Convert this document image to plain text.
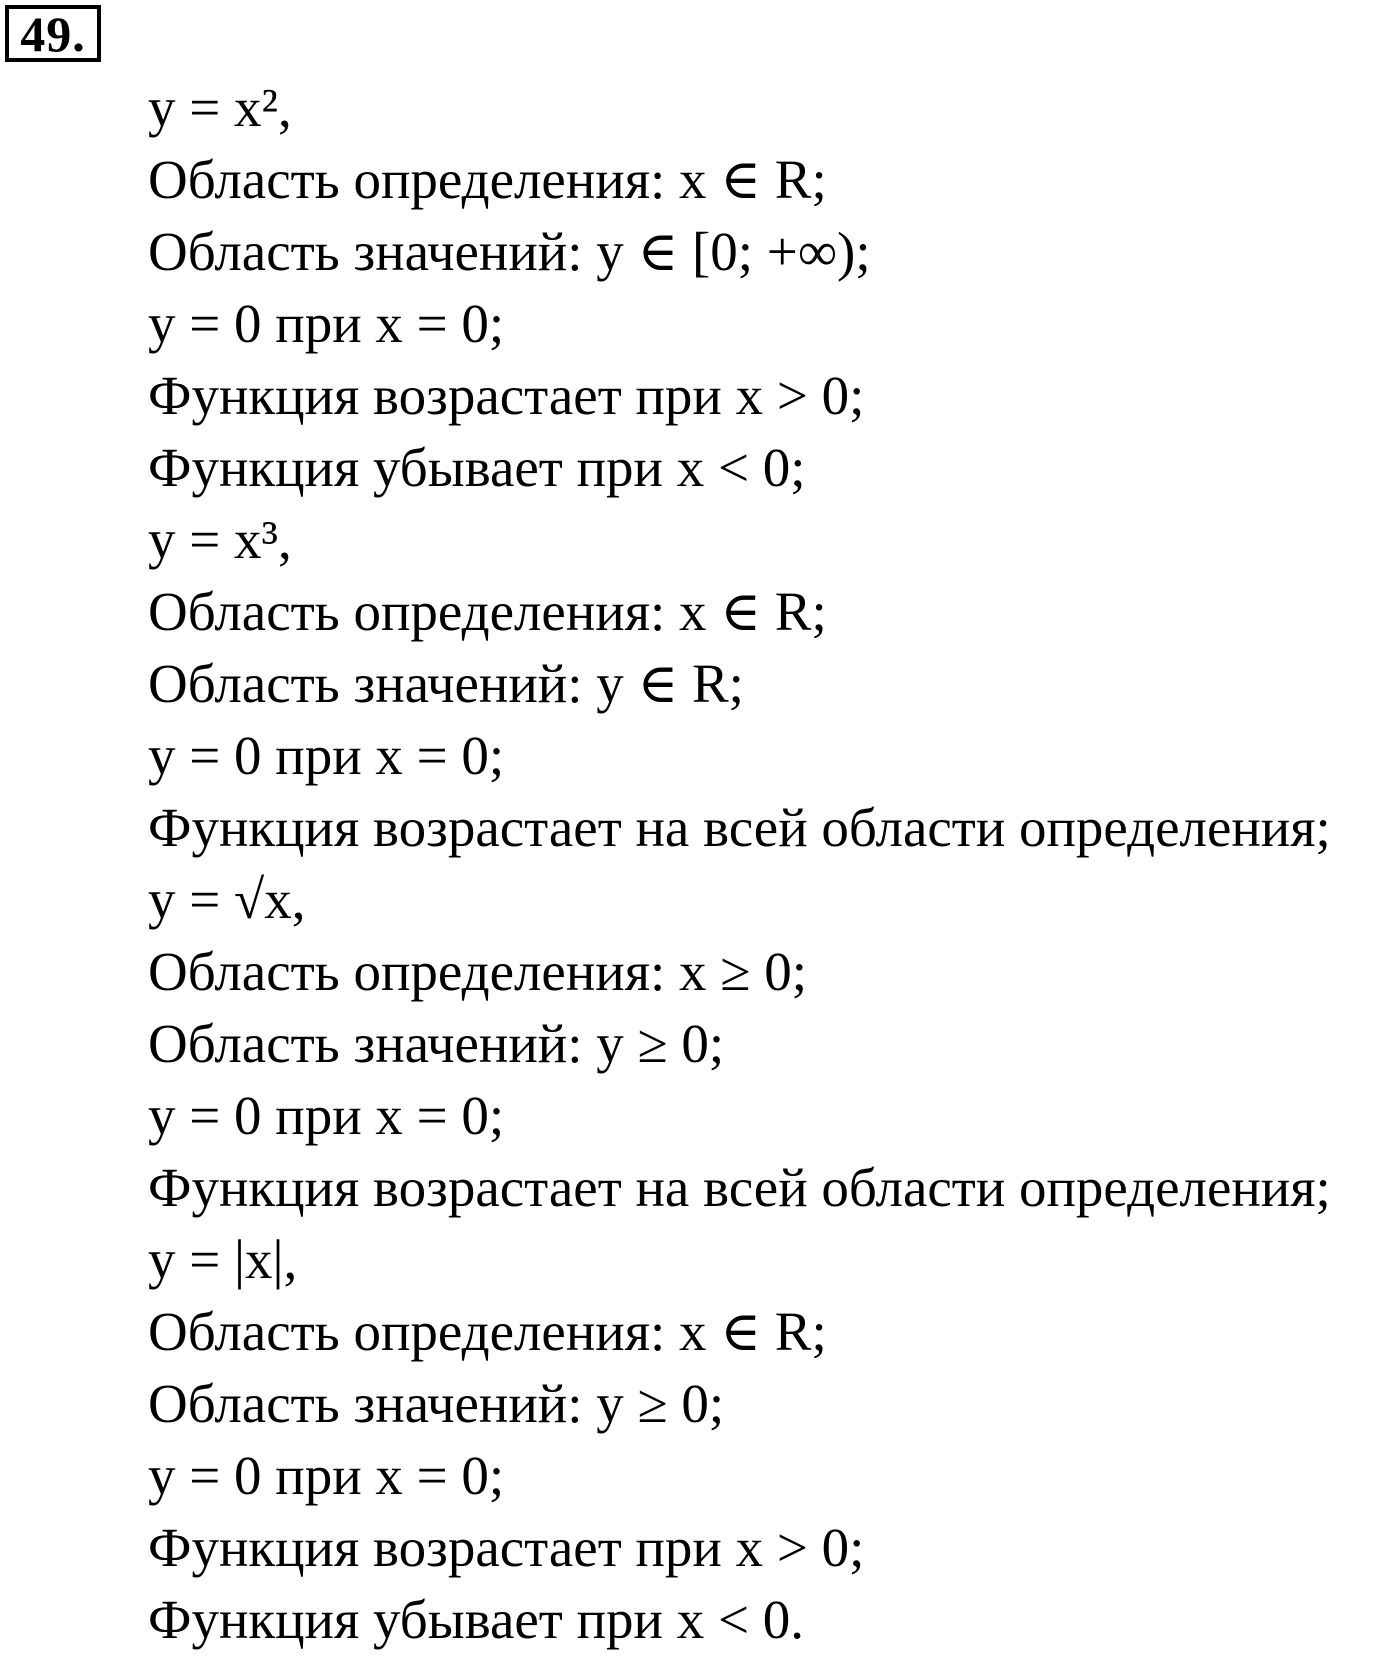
49.
y = x²,
Область определения: x ∈ R;
Область значений: y ∈ [0; +∞);
y = 0 при x = 0;
Функция возрастает при x > 0;
Функция убывает при x < 0;
y = x³,
Область определения: x ∈ R;
Область значений: y ∈ R;
y = 0 при x = 0;
Функция возрастает на всей области определения;
y = √x,
Область определения: x ≥ 0;
Область значений: y ≥ 0;
y = 0 при x = 0;
Функция возрастает на всей области определения;
y = |x|,
Область определения: x ∈ R;
Область значений: y ≥ 0;
y = 0 при x = 0;
Функция возрастает при x > 0;
Функция убывает при x < 0.
